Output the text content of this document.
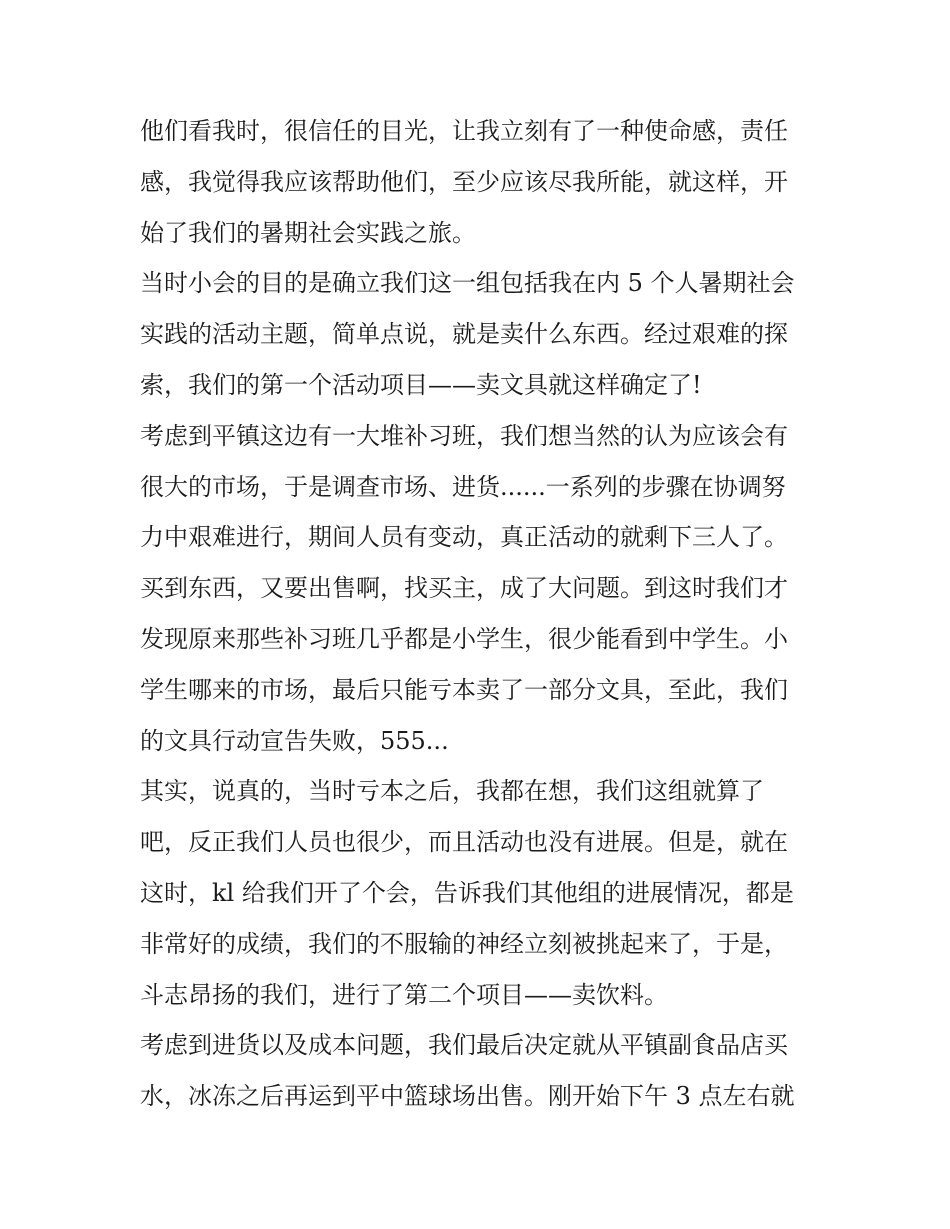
他们看我时，很信任的目光，让我立刻有了一种使命感，责任
感，我觉得我应该帮助他们，至少应该尽我所能，就这样，开
始了我们的暑期社会实践之旅。
当时小会的目的是确立我们这一组包括我在内 5 个人暑期社会
实践的活动主题，简单点说，就是卖什么东西。经过艰难的探
索，我们的第一个活动项目——卖文具就这样确定了!
考虑到平镇这边有一大堆补习班，我们想当然的认为应该会有
很大的市场，于是调查市场、进货......一系列的步骤在协调努
力中艰难进行，期间人员有变动，真正活动的就剩下三人了。
买到东西，又要出售啊，找买主，成了大问题。到这时我们才
发现原来那些补习班几乎都是小学生，很少能看到中学生。小
学生哪来的市场，最后只能亏本卖了一部分文具，至此，我们
的文具行动宣告失败，555...
其实，说真的，当时亏本之后，我都在想，我们这组就算了
吧，反正我们人员也很少，而且活动也没有进展。但是，就在
这时，kl 给我们开了个会，告诉我们其他组的进展情况，都是
非常好的成绩，我们的不服输的神经立刻被挑起来了，于是，
斗志昂扬的我们，进行了第二个项目——卖饮料。
考虑到进货以及成本问题，我们最后决定就从平镇副食品店买
水，冰冻之后再运到平中篮球场出售。刚开始下午 3 点左右就
